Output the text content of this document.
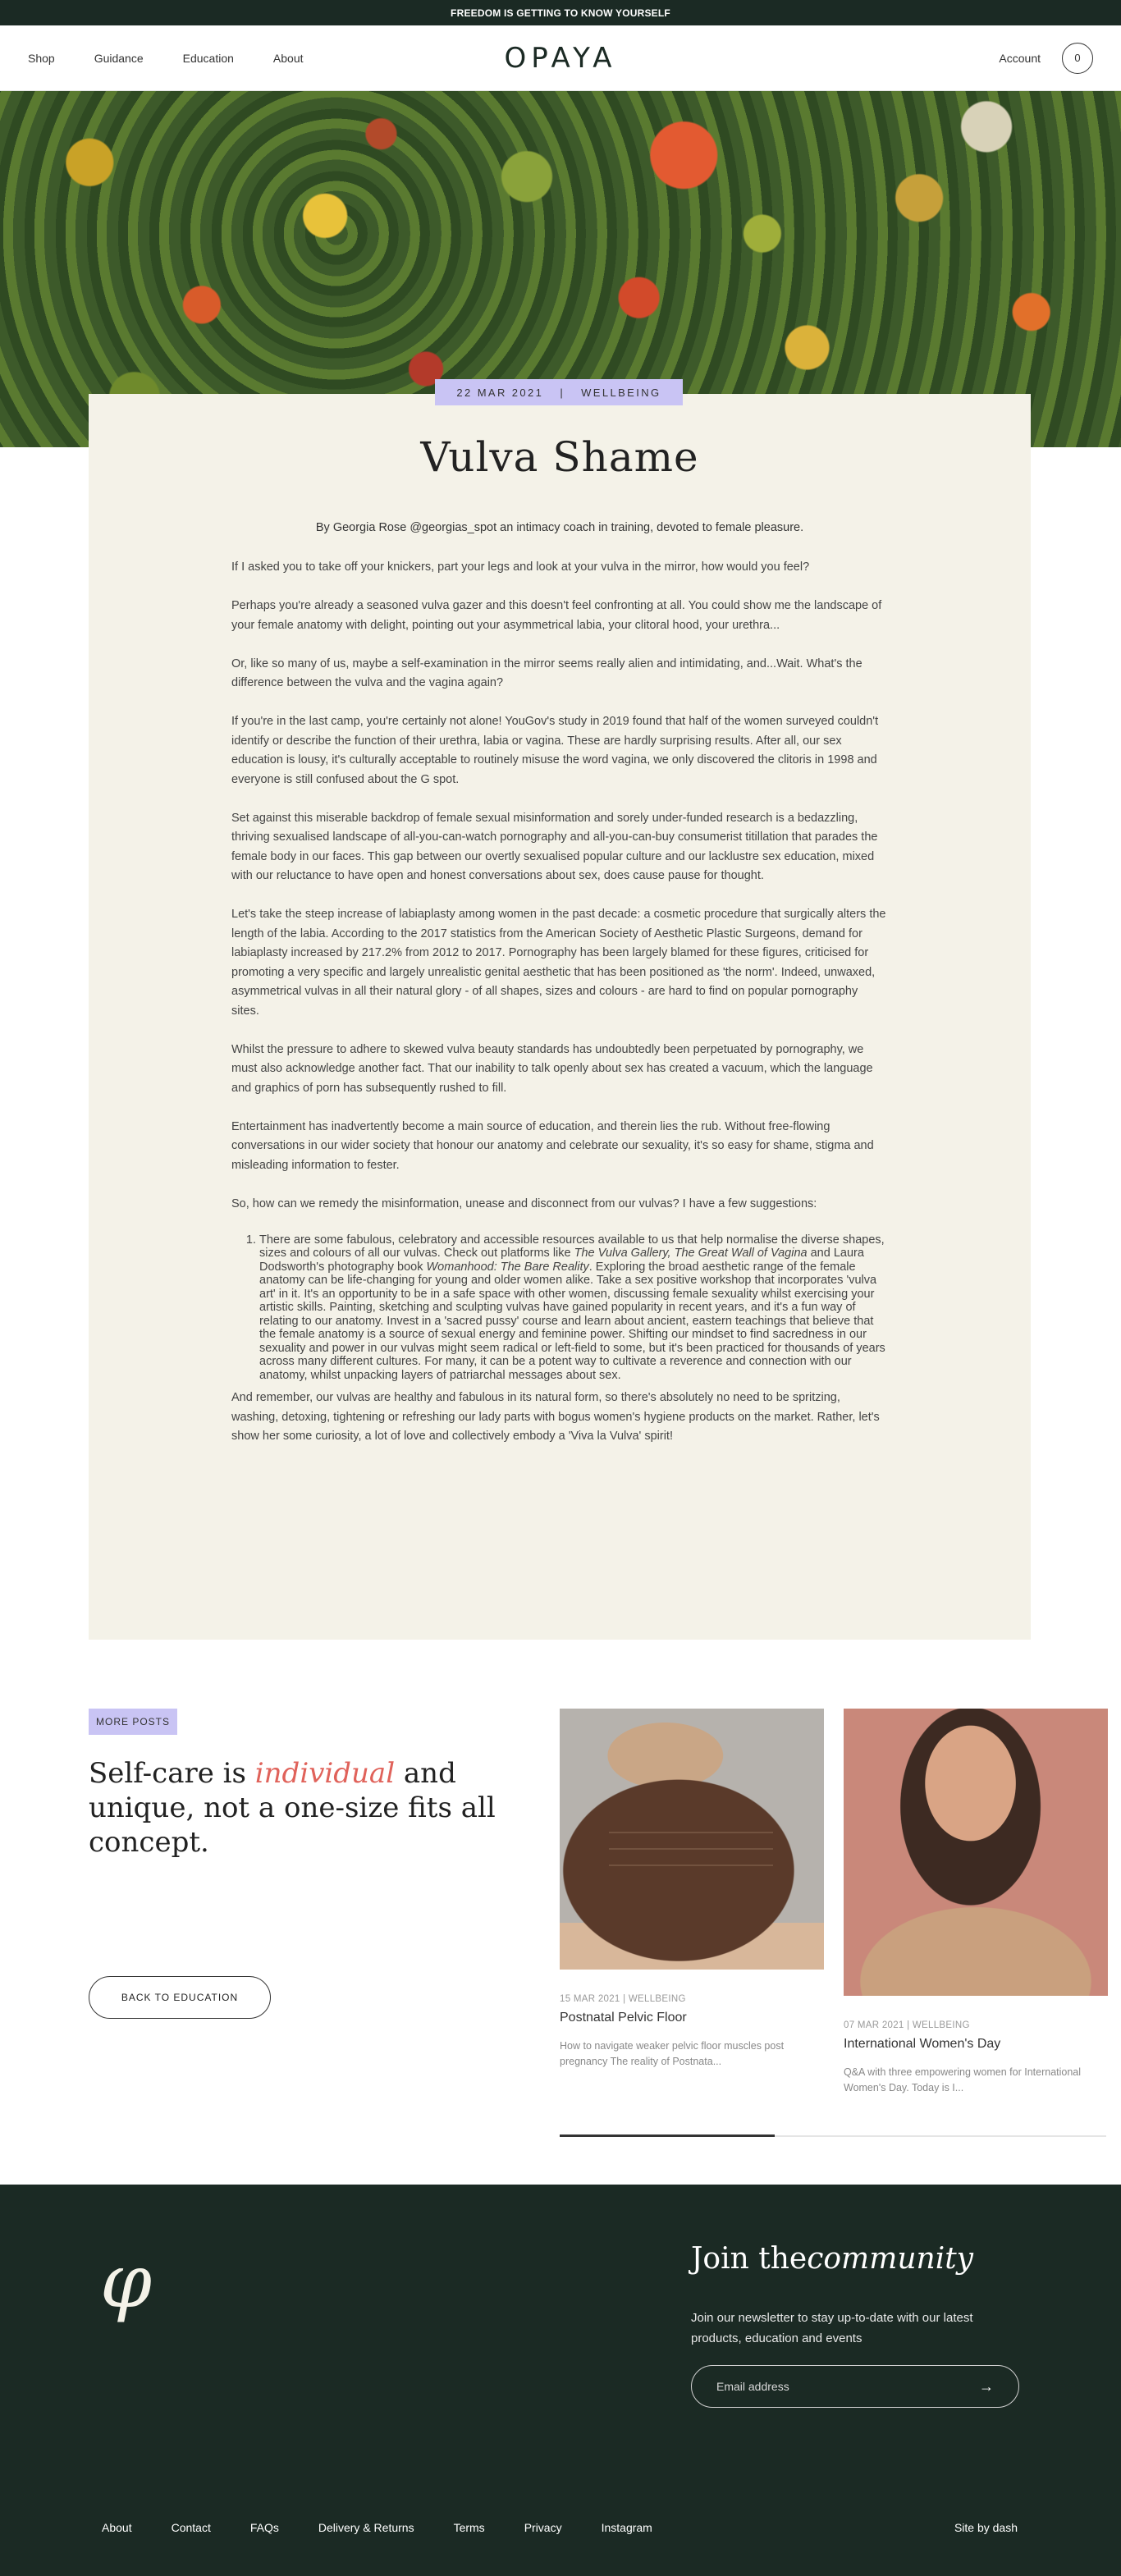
FREEDOM IS GETTING TO KNOW YOURSELF
Shop	Guidance	Education	About	OPAYA	Account	0
22 MAR 2021 | WELLBEING
Vulva Shame
By Georgia Rose @georgias_spot an intimacy coach in training, devoted to female pleasure.

If I asked you to take off your knickers, part your legs and look at your vulva in the mirror, how would you feel?

Perhaps you're already a seasoned vulva gazer and this doesn't feel confronting at all. You could show me the landscape of your female anatomy with delight, pointing out your asymmetrical labia, your clitoral hood, your urethra...

Or, like so many of us, maybe a self-examination in the mirror seems really alien and intimidating, and...Wait. What's the difference between the vulva and the vagina again?

If you're in the last camp, you're certainly not alone! YouGov's study in 2019 found that half of the women surveyed couldn't identify or describe the function of their urethra, labia or vagina. These are hardly surprising results. After all, our sex education is lousy, it's culturally acceptable to routinely misuse the word vagina, we only discovered the clitoris in 1998 and everyone is still confused about the G spot.

Set against this miserable backdrop of female sexual misinformation and sorely under-funded research is a bedazzling, thriving sexualised landscape of all-you-can-watch pornography and all-you-can-buy consumerist titillation that parades the female body in our faces. This gap between our overtly sexualised popular culture and our lacklustre sex education, mixed with our reluctance to have open and honest conversations about sex, does cause pause for thought.

Let's take the steep increase of labiaplasty among women in the past decade: a cosmetic procedure that surgically alters the length of the labia. According to the 2017 statistics from the American Society of Aesthetic Plastic Surgeons, demand for labiaplasty increased by 217.2% from 2012 to 2017. Pornography has been largely blamed for these figures, criticised for promoting a very specific and largely unrealistic genital aesthetic that has been positioned as 'the norm'. Indeed, unwaxed, asymmetrical vulvas in all their natural glory - of all shapes, sizes and colours - are hard to find on popular pornography sites.

Whilst the pressure to adhere to skewed vulva beauty standards has undoubtedly been perpetuated by pornography, we must also acknowledge another fact. That our inability to talk openly about sex has created a vacuum, which the language and graphics of porn has subsequently rushed to fill.

Entertainment has inadvertently become a main source of education, and therein lies the rub. Without free-flowing conversations in our wider society that honour our anatomy and celebrate our sexuality, it's so easy for shame, stigma and misleading information to fester.

So, how can we remedy the misinformation, unease and disconnect from our vulvas? I have a few suggestions:

1. There are some fabulous, celebratory and accessible resources available to us that help normalise the diverse shapes, sizes and colours of all our vulvas. Check out platforms like The Vulva Gallery, The Great Wall of Vagina and Laura Dodsworth's photography book Womanhood: The Bare Reality. Exploring the broad aesthetic range of the female anatomy can be life-changing for young and older women alike. Take a sex positive workshop that incorporates 'vulva art' in it. It's an opportunity to be in a safe space with other women, discussing female sexuality whilst exercising your artistic skills. Painting, sketching and sculpting vulvas have gained popularity in recent years, and it's a fun way of relating to our anatomy. Invest in a 'sacred pussy' course and learn about ancient, eastern teachings that believe that the female anatomy is a source of sexual energy and feminine power. Shifting our mindset to find sacredness in our sexuality and power in our vulvas might seem radical or left-field to some, but it's been practiced for thousands of years across many different cultures. For many, it can be a potent way to cultivate a reverence and connection with our anatomy, whilst unpacking layers of patriarchal messages about sex.

And remember, our vulvas are healthy and fabulous in its natural form, so there's absolutely no need to be spritzing, washing, detoxing, tightening or refreshing our lady parts with bogus women's hygiene products on the market. Rather, let's show her some curiosity, a lot of love and collectively embody a 'Viva la Vulva' spirit!

MORE POSTS
Self-care is individual and unique, not a one-size fits all concept.
BACK TO EDUCATION	15 MAR 2021 | WELLBEING
Postnatal Pelvic Floor
How to navigate weaker pelvic floor muscles post pregnancy The reality of Postnata...
07 MAR 2021 | WELLBEING
International Women's Day
Q&A with three empowering women for International Women's Day. Today is I...
φ	Join thecommunity
Join our newsletter to stay up-to-date with our latest products, education and events
Email address
→
About	Contact	FAQs	Delivery & Returns	Terms	Privacy	Instagram	Site by dash
